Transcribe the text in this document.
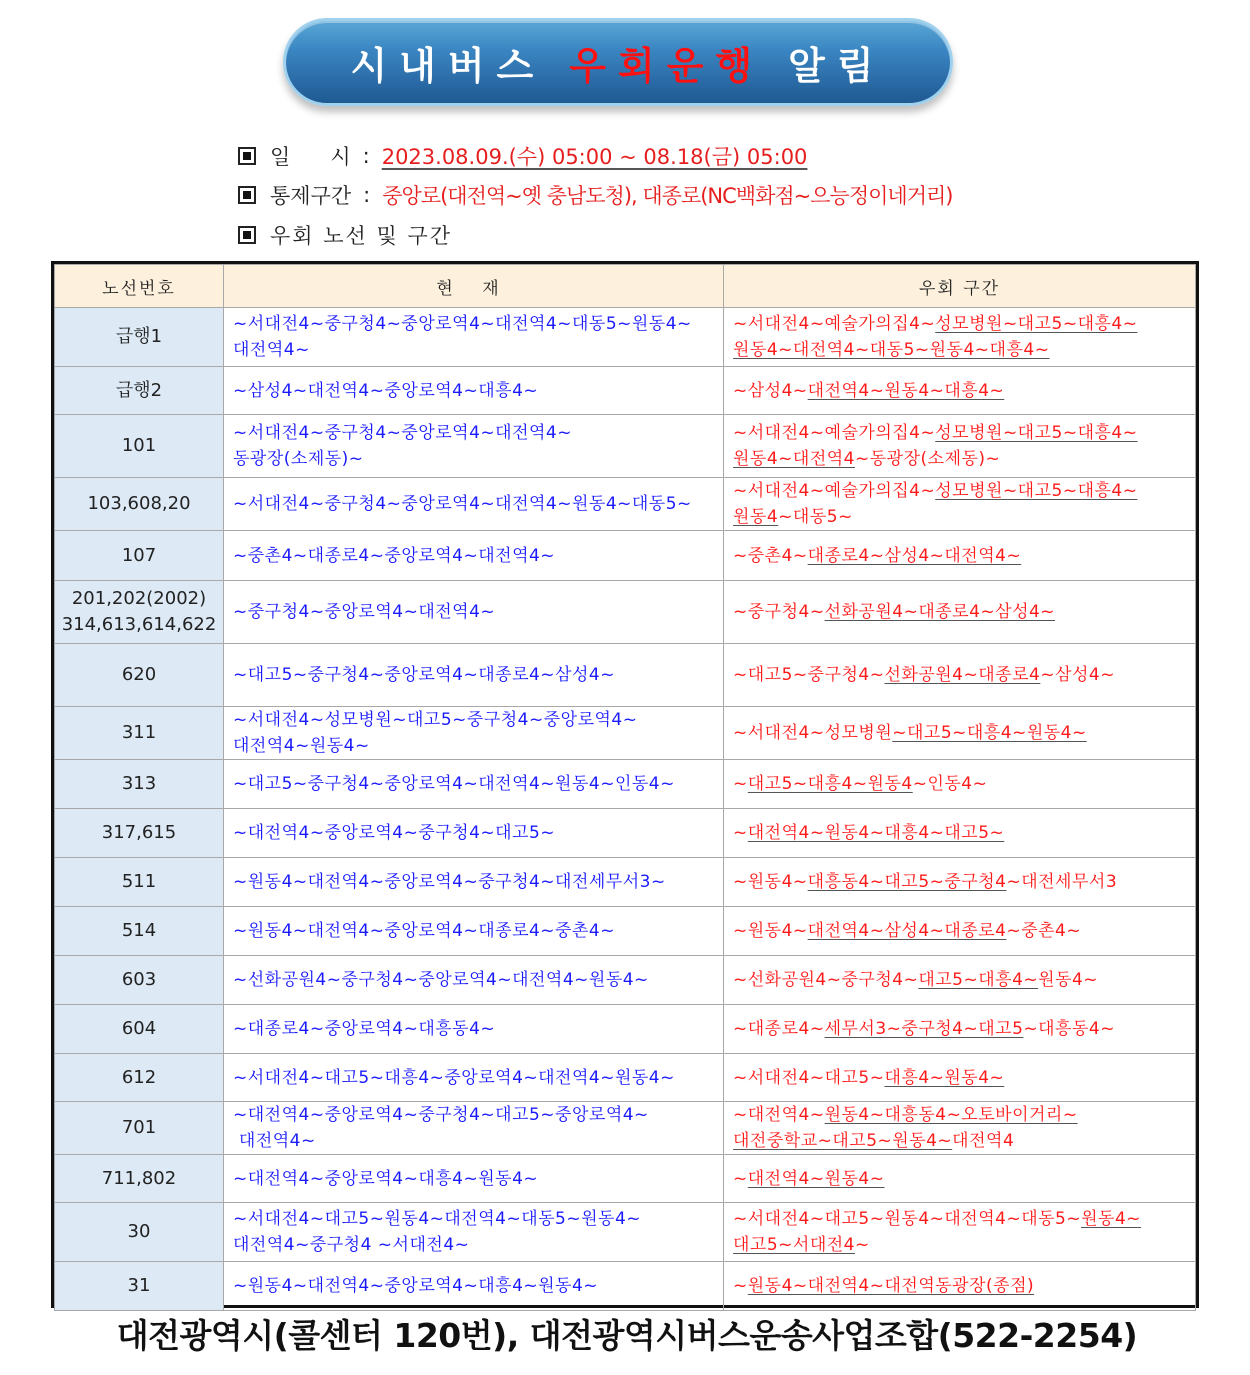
시내버스 우회운행 알림
일      시 : 2023.08.09.(수) 05:00 ~ 08.18(금) 05:00
통제구간 : 중앙로(대전역~옛 충남도청), 대종로(NC백화점~으능정이네거리)
우회 노선 및 구간
노선번호	현 재	우회 구간

급행1	~서대전4~중구청4~중앙로역4~대전역4~대동5~원동4~
대전역4~	~서대전4~예술가의집4~성모병원~대고5~대흥4~
원동4~대전역4~대동5~원동4~대흥4~

급행2	~삼성4~대전역4~중앙로역4~대흥4~	~삼성4~대전역4~원동4~대흥4~

101	~서대전4~중구청4~중앙로역4~대전역4~
동광장(소제동)~	~서대전4~예술가의집4~성모병원~대고5~대흥4~
원동4~대전역4~동광장(소제동)~

103,608,20	~서대전4~중구청4~중앙로역4~대전역4~원동4~대동5~	~서대전4~예술가의집4~성모병원~대고5~대흥4~
원동4~대동5~

107	~중촌4~대종로4~중앙로역4~대전역4~	~중촌4~대종로4~삼성4~대전역4~

201,202(2002)
314,613,614,622	~중구청4~중앙로역4~대전역4~	~중구청4~선화공원4~대종로4~삼성4~

620	~대고5~중구청4~중앙로역4~대종로4~삼성4~	~대고5~중구청4~선화공원4~대종로4~삼성4~

311	~서대전4~성모병원~대고5~중구청4~중앙로역4~
대전역4~원동4~	~서대전4~성모병원~대고5~대흥4~원동4~

313	~대고5~중구청4~중앙로역4~대전역4~원동4~인동4~	~대고5~대흥4~원동4~인동4~

317,615	~대전역4~중앙로역4~중구청4~대고5~	~대전역4~원동4~대흥4~대고5~

511	~원동4~대전역4~중앙로역4~중구청4~대전세무서3~	~원동4~대흥동4~대고5~중구청4~대전세무서3

514	~원동4~대전역4~중앙로역4~대종로4~중촌4~	~원동4~대전역4~삼성4~대종로4~중촌4~

603	~선화공원4~중구청4~중앙로역4~대전역4~원동4~	~선화공원4~중구청4~대고5~대흥4~원동4~

604	~대종로4~중앙로역4~대흥동4~	~대종로4~세무서3~중구청4~대고5~대흥동4~

612	~서대전4~대고5~대흥4~중앙로역4~대전역4~원동4~	~서대전4~대고5~대흥4~원동4~

701	~대전역4~중앙로역4~중구청4~대고5~중앙로역4~
대전역4~	~대전역4~원동4~대흥동4~오토바이거리~
대전중학교~대고5~원동4~대전역4

711,802	~대전역4~중앙로역4~대흥4~원동4~	~대전역4~원동4~

30	~서대전4~대고5~원동4~대전역4~대동5~원동4~
대전역4~중구청4 ~서대전4~	~서대전4~대고5~원동4~대전역4~대동5~원동4~
대고5~서대전4~

31	~원동4~대전역4~중앙로역4~대흥4~원동4~	~원동4~대전역4~대전역동광장(종점)
대전광역시(콜센터 120번), 대전광역시버스운송사업조합(522-2254)
